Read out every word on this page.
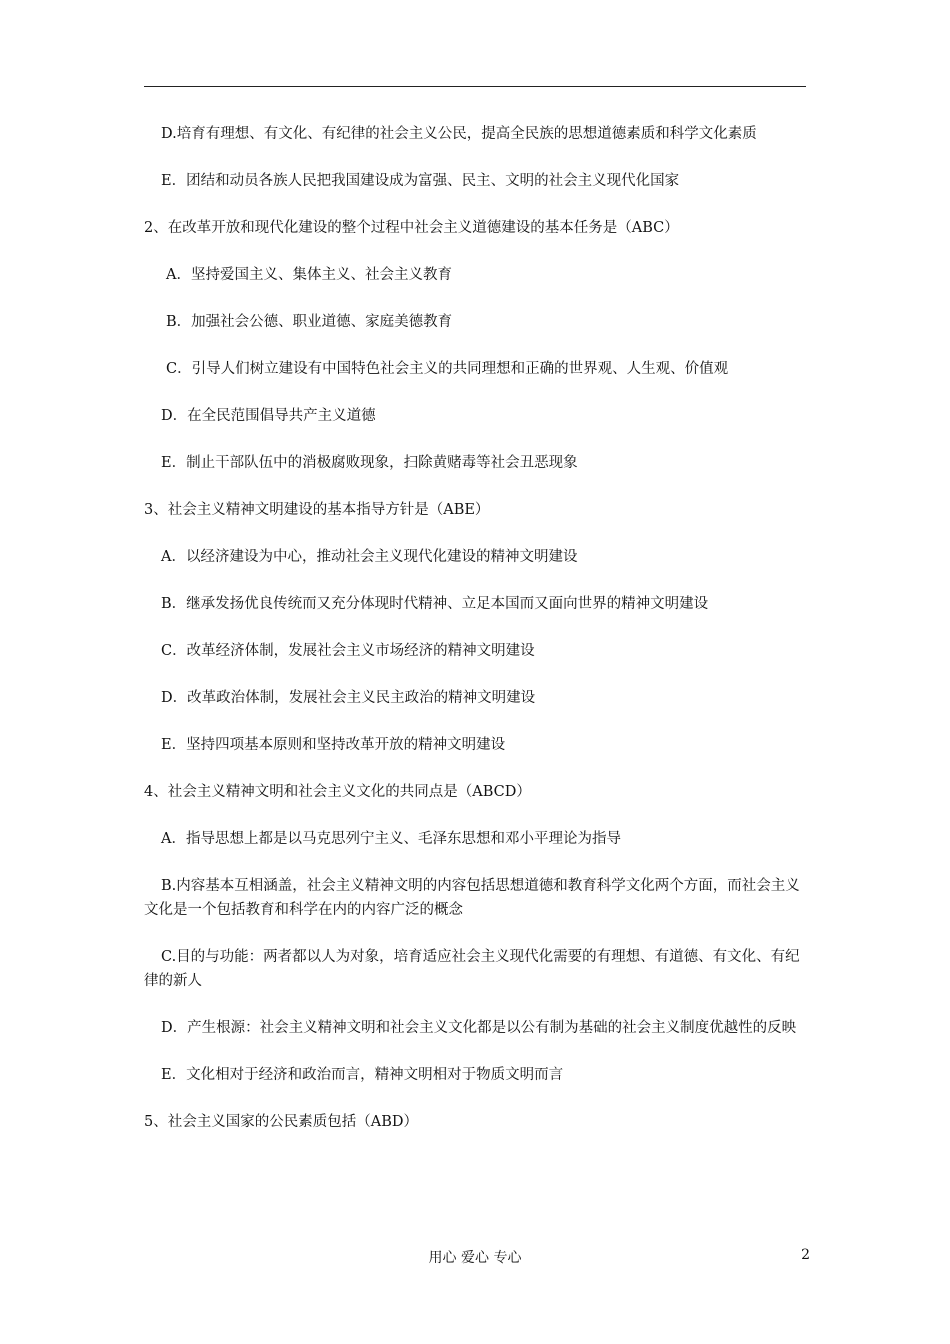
D.培育有理想、有文化、有纪律的社会主义公民，提高全民族的思想道德素质和科学文化素质

E．团结和动员各族人民把我国建设成为富强、民主、文明的社会主义现代化国家

2、在改革开放和现代化建设的整个过程中社会主义道德建设的基本任务是（ABC）

A．坚持爱国主义、集体主义、社会主义教育

B．加强社会公德、职业道德、家庭美德教育

C．引导人们树立建设有中国特色社会主义的共同理想和正确的世界观、人生观、价值观

D．在全民范围倡导共产主义道德

E．制止干部队伍中的消极腐败现象，扫除黄赌毒等社会丑恶现象

3、社会主义精神文明建设的基本指导方针是（ABE）

A．以经济建设为中心，推动社会主义现代化建设的精神文明建设

B．继承发扬优良传统而又充分体现时代精神、立足本国而又面向世界的精神文明建设

C．改革经济体制，发展社会主义市场经济的精神文明建设

D．改革政治体制，发展社会主义民主政治的精神文明建设

E．坚持四项基本原则和坚持改革开放的精神文明建设

4、社会主义精神文明和社会主义文化的共同点是（ABCD）

A．指导思想上都是以马克思列宁主义、毛泽东思想和邓小平理论为指导

B.内容基本互相涵盖，社会主义精神文明的内容包括思想道德和教育科学文化两个方面，而社会主义文化是一个包括教育和科学在内的内容广泛的概念

C.目的与功能：两者都以人为对象，培育适应社会主义现代化需要的有理想、有道德、有文化、有纪律的新人

D．产生根源：社会主义精神文明和社会主义文化都是以公有制为基础的社会主义制度优越性的反映

E．文化相对于经济和政治而言，精神文明相对于物质文明而言

5、社会主义国家的公民素质包括（ABD）

用心 爱心 专心	2
